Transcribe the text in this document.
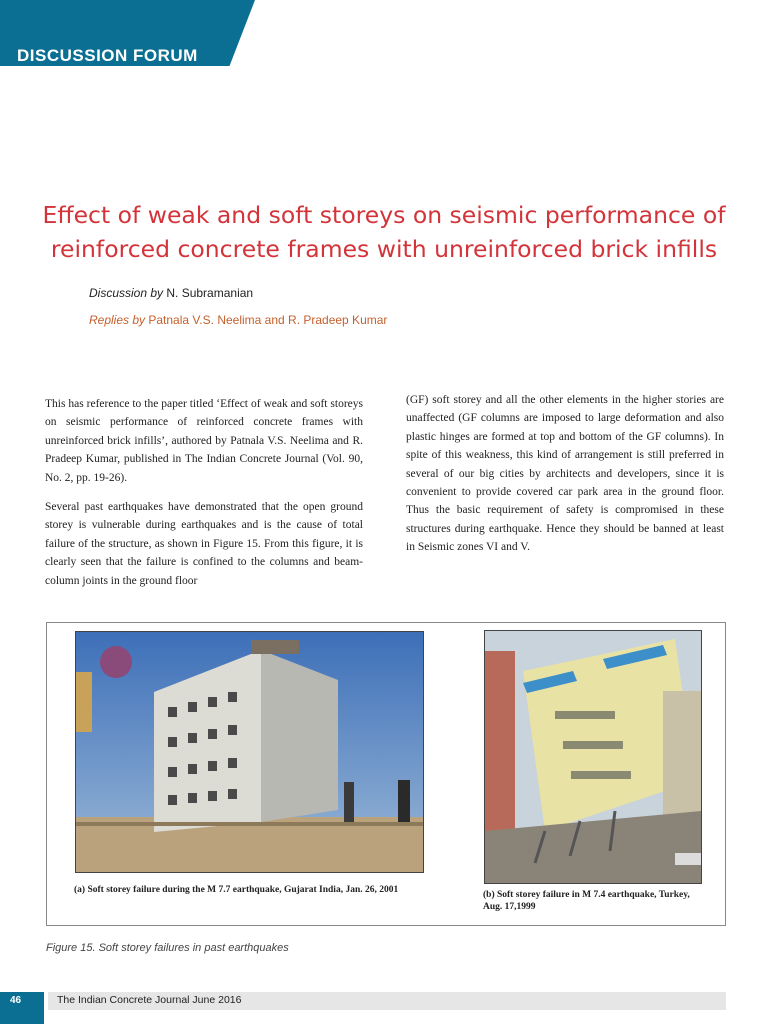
DISCUSSION FORUM
Effect of weak and soft storeys on seismic performance of reinforced concrete frames with unreinforced brick infills

Discussion by N. Subramanian

Replies by Patnala V.S. Neelima and R. Pradeep Kumar

This has reference to the paper titled ‘Effect of weak and soft storeys on seismic performance of reinforced concrete frames with unreinforced brick infills’, authored by Patnala V.S. Neelima and R. Pradeep Kumar, published in The Indian Concrete Journal (Vol. 90, No. 2, pp. 19-26).

Several past earthquakes have demonstrated that the open ground storey is vulnerable during earthquakes and is the cause of total failure of the structure, as shown in Figure 15. From this figure, it is clearly seen that the failure is confined to the columns and beam-column joints in the ground floor

(GF) soft storey and all the other elements in the higher stories are unaffected (GF columns are imposed to large deformation and also plastic hinges are formed at top and bottom of the GF columns). In spite of this weakness, this kind of arrangement is still preferred in several of our big cities by architects and developers, since it is convenient to provide covered car park area in the ground floor. Thus the basic requirement of safety is compromised in these structures during earthquake. Hence they should be banned at least in Seismic zones VI and V.

(a) Soft storey failure during the M 7.7 earthquake, Gujarat India, Jan. 26, 2001	(b) Soft storey failure in M 7.4 earthquake, Turkey, Aug. 17,1999

Figure 15. Soft storey failures in past earthquakes

46	The Indian Concrete Journal June 2016
